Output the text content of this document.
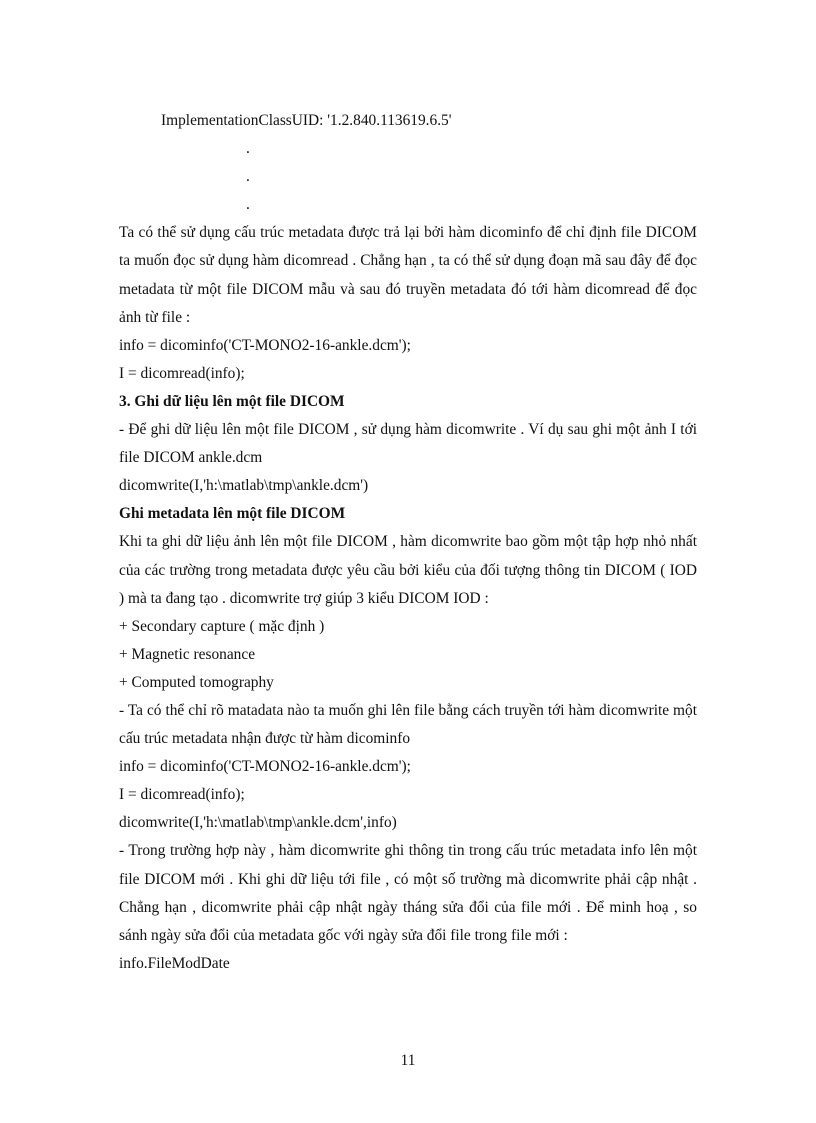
ImplementationClassUID: '1.2.840.113619.6.5'

.

.

.

Ta có thể sử dụng cấu trúc metadata được trả lại bởi hàm dicominfo để chỉ định file DICOM ta muốn đọc sử dụng hàm dicomread . Chẳng hạn , ta có thể sử dụng đoạn mã sau đây để đọc metadata từ một file DICOM mẫu và sau đó truyền metadata đó tới hàm dicomread để đọc ảnh từ file :

info = dicominfo('CT-MONO2-16-ankle.dcm');

I = dicomread(info);

3. Ghi dữ liệu lên một file DICOM

- Để ghi dữ liệu lên một file DICOM , sử dụng hàm dicomwrite . Ví dụ sau ghi một ảnh I tới file DICOM ankle.dcm

dicomwrite(I,'h:\matlab\tmp\ankle.dcm')

Ghi metadata lên một file DICOM

Khi ta ghi dữ liệu ảnh lên một file DICOM , hàm dicomwrite bao gồm một tập hợp nhỏ nhất của các trường trong metadata được yêu cầu bởi kiểu của đối tượng thông tin DICOM ( IOD ) mà ta đang tạo . dicomwrite trợ giúp 3 kiểu DICOM IOD :

+ Secondary capture ( mặc định )

+ Magnetic resonance

+ Computed tomography

- Ta có thể chỉ rõ matadata nào ta muốn ghi lên file bằng cách truyền tới hàm dicomwrite một cấu trúc metadata nhận được từ hàm dicominfo

info = dicominfo('CT-MONO2-16-ankle.dcm');

I = dicomread(info);

dicomwrite(I,'h:\matlab\tmp\ankle.dcm',info)

- Trong trường hợp này , hàm dicomwrite ghi thông tin trong cấu trúc metadata info lên một file DICOM mới . Khi ghi dữ liệu tới file , có một số trường mà dicomwrite phải cập nhật . Chẳng hạn , dicomwrite phải cập nhật ngày tháng sửa đổi của file mới . Để minh hoạ , so sánh ngày sửa đổi của metadata gốc với ngày sửa đổi file trong file mới :

info.FileModDate

11
